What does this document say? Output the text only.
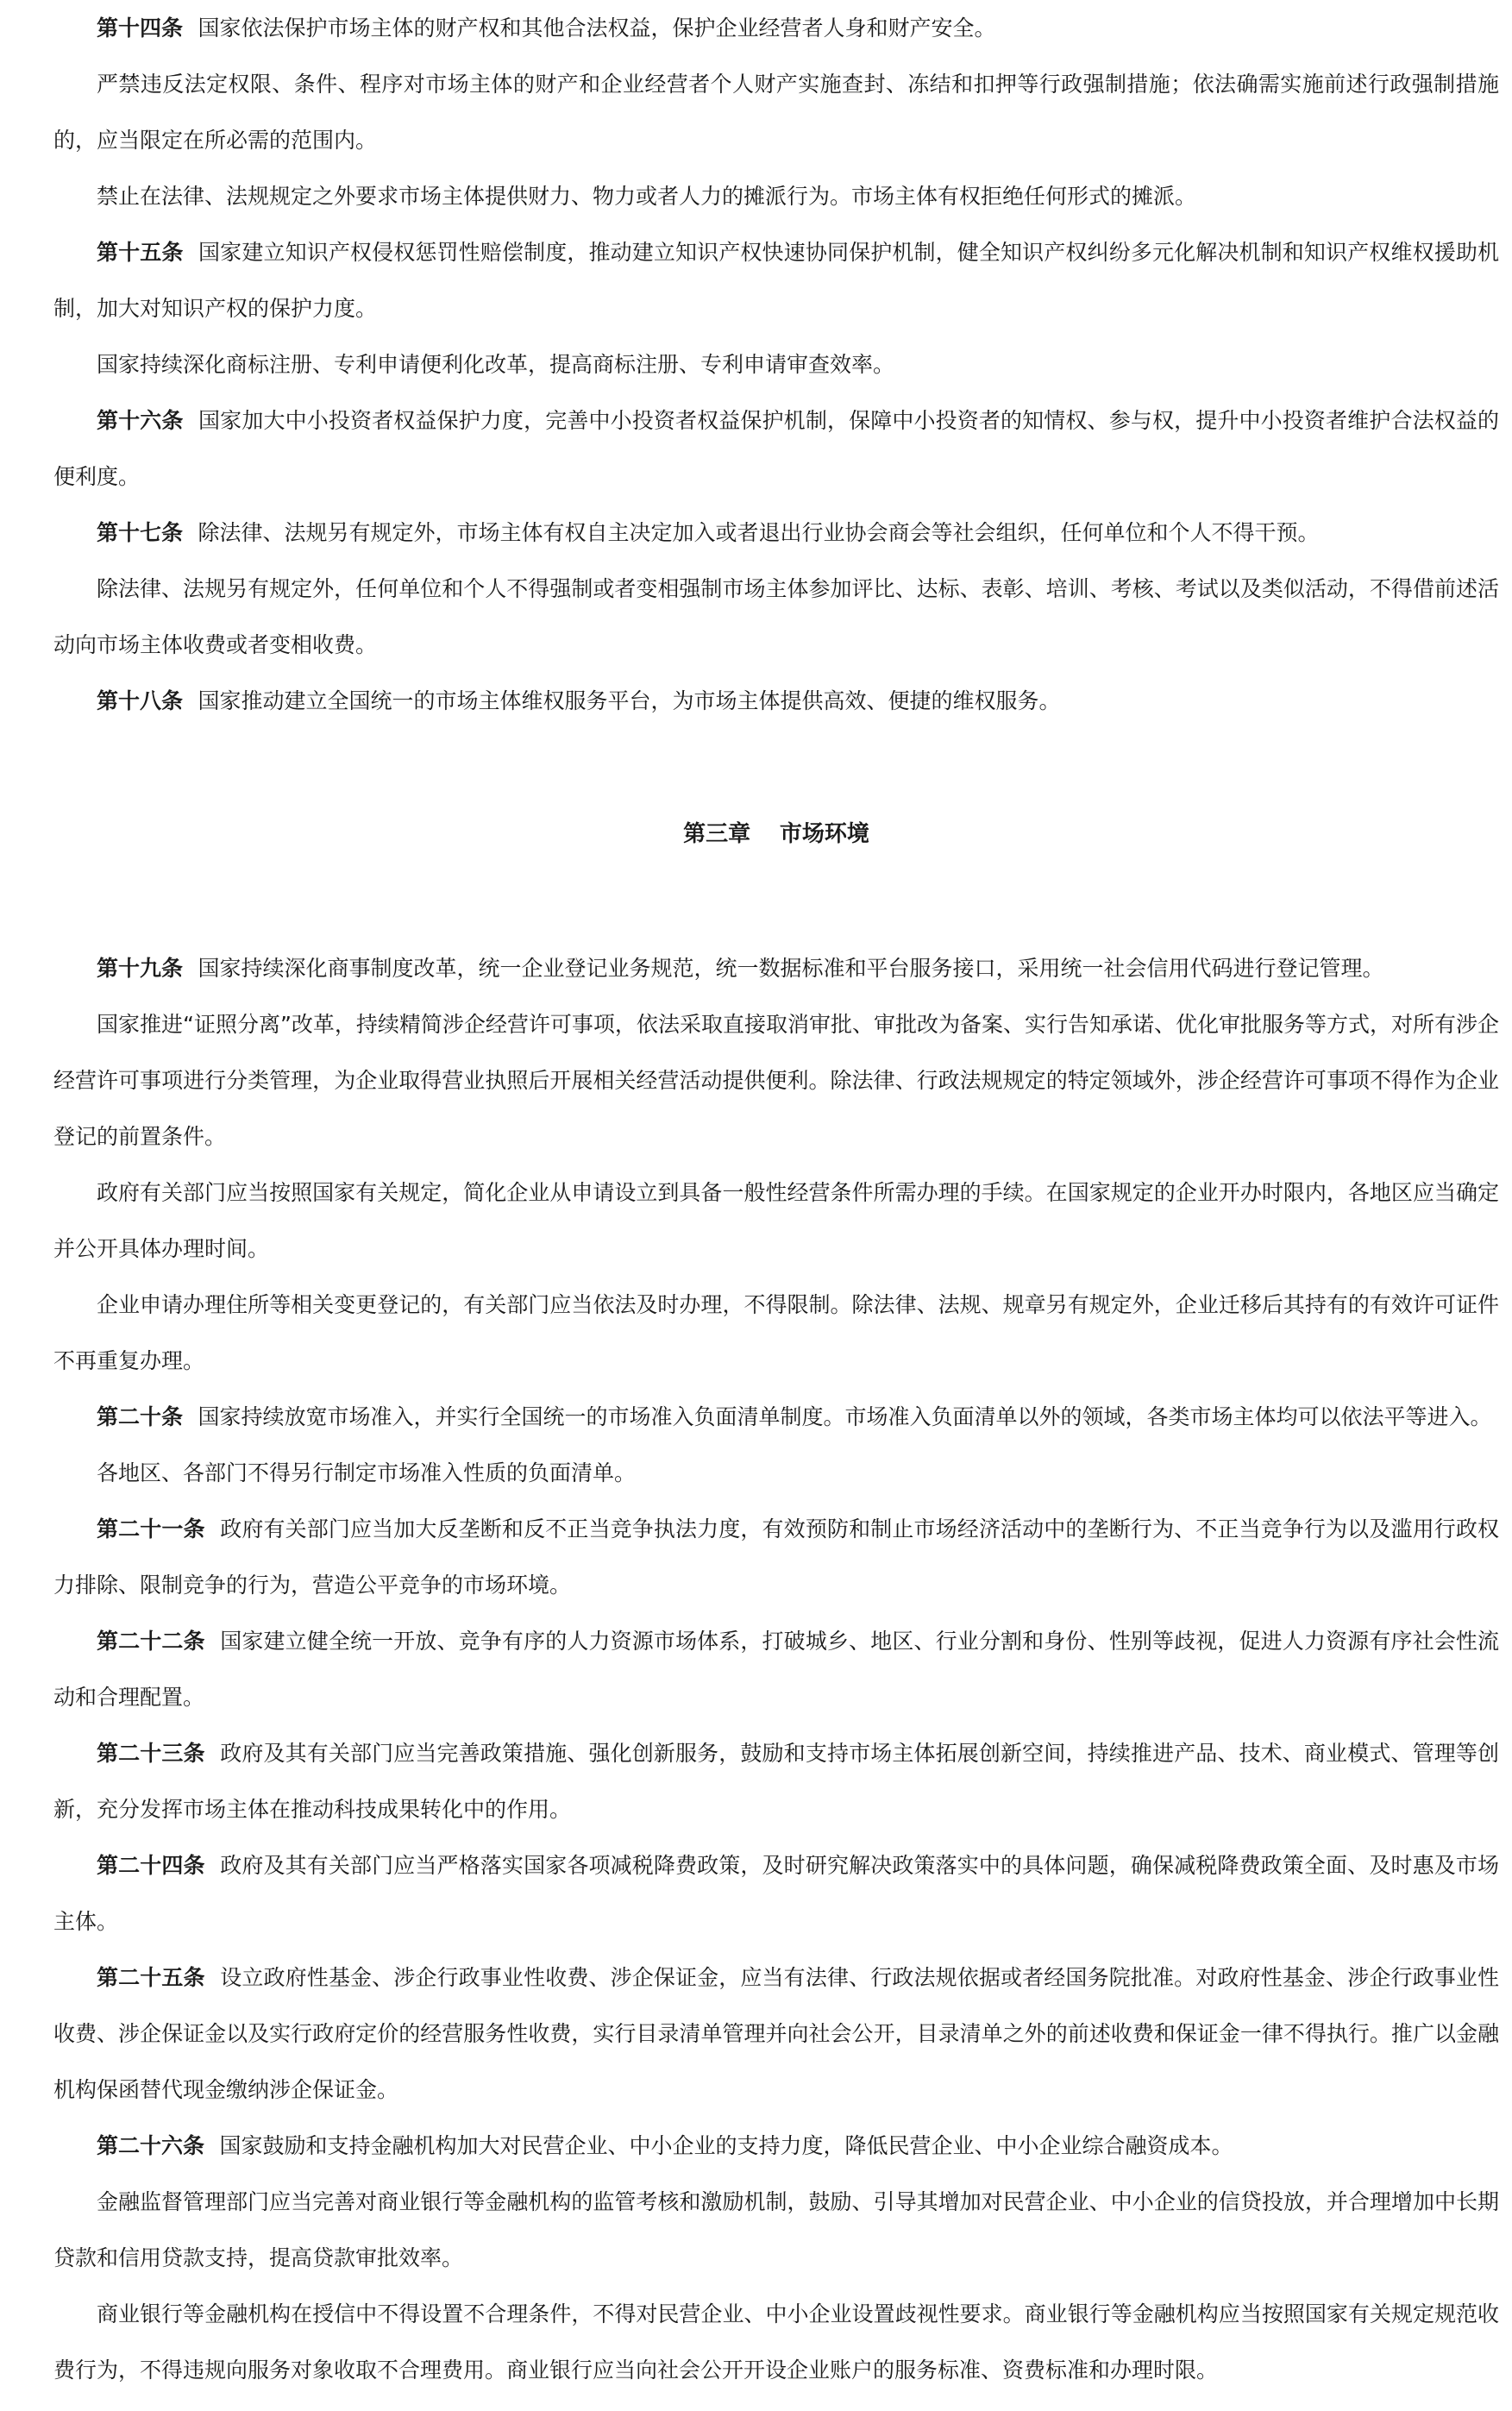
第十四条 国家依法保护市场主体的财产权和其他合法权益，保护企业经营者人身和财产安全。

严禁违反法定权限、条件、程序对市场主体的财产和企业经营者个人财产实施查封、冻结和扣押等行政强制措施；依法确需实施前述行政强制措施的，应当限定在所必需的范围内。

禁止在法律、法规规定之外要求市场主体提供财力、物力或者人力的摊派行为。市场主体有权拒绝任何形式的摊派。

第十五条 国家建立知识产权侵权惩罚性赔偿制度，推动建立知识产权快速协同保护机制，健全知识产权纠纷多元化解决机制和知识产权维权援助机制，加大对知识产权的保护力度。

国家持续深化商标注册、专利申请便利化改革，提高商标注册、专利申请审查效率。

第十六条 国家加大中小投资者权益保护力度，完善中小投资者权益保护机制，保障中小投资者的知情权、参与权，提升中小投资者维护合法权益的便利度。

第十七条 除法律、法规另有规定外，市场主体有权自主决定加入或者退出行业协会商会等社会组织，任何单位和个人不得干预。

除法律、法规另有规定外，任何单位和个人不得强制或者变相强制市场主体参加评比、达标、表彰、培训、考核、考试以及类似活动，不得借前述活动向市场主体收费或者变相收费。

第十八条 国家推动建立全国统一的市场主体维权服务平台，为市场主体提供高效、便捷的维权服务。

第三章 市场环境

第十九条 国家持续深化商事制度改革，统一企业登记业务规范，统一数据标准和平台服务接口，采用统一社会信用代码进行登记管理。

国家推进“证照分离”改革，持续精简涉企经营许可事项，依法采取直接取消审批、审批改为备案、实行告知承诺、优化审批服务等方式，对所有涉企经营许可事项进行分类管理，为企业取得营业执照后开展相关经营活动提供便利。除法律、行政法规规定的特定领域外，涉企经营许可事项不得作为企业登记的前置条件。

政府有关部门应当按照国家有关规定，简化企业从申请设立到具备一般性经营条件所需办理的手续。在国家规定的企业开办时限内，各地区应当确定并公开具体办理时间。

企业申请办理住所等相关变更登记的，有关部门应当依法及时办理，不得限制。除法律、法规、规章另有规定外，企业迁移后其持有的有效许可证件不再重复办理。

第二十条 国家持续放宽市场准入，并实行全国统一的市场准入负面清单制度。市场准入负面清单以外的领域，各类市场主体均可以依法平等进入。

各地区、各部门不得另行制定市场准入性质的负面清单。

第二十一条 政府有关部门应当加大反垄断和反不正当竞争执法力度，有效预防和制止市场经济活动中的垄断行为、不正当竞争行为以及滥用行政权力排除、限制竞争的行为，营造公平竞争的市场环境。

第二十二条 国家建立健全统一开放、竞争有序的人力资源市场体系，打破城乡、地区、行业分割和身份、性别等歧视，促进人力资源有序社会性流动和合理配置。

第二十三条 政府及其有关部门应当完善政策措施、强化创新服务，鼓励和支持市场主体拓展创新空间，持续推进产品、技术、商业模式、管理等创新，充分发挥市场主体在推动科技成果转化中的作用。

第二十四条 政府及其有关部门应当严格落实国家各项减税降费政策，及时研究解决政策落实中的具体问题，确保减税降费政策全面、及时惠及市场主体。

第二十五条 设立政府性基金、涉企行政事业性收费、涉企保证金，应当有法律、行政法规依据或者经国务院批准。对政府性基金、涉企行政事业性收费、涉企保证金以及实行政府定价的经营服务性收费，实行目录清单管理并向社会公开，目录清单之外的前述收费和保证金一律不得执行。推广以金融机构保函替代现金缴纳涉企保证金。

第二十六条 国家鼓励和支持金融机构加大对民营企业、中小企业的支持力度，降低民营企业、中小企业综合融资成本。

金融监督管理部门应当完善对商业银行等金融机构的监管考核和激励机制，鼓励、引导其增加对民营企业、中小企业的信贷投放，并合理增加中长期贷款和信用贷款支持，提高贷款审批效率。

商业银行等金融机构在授信中不得设置不合理条件，不得对民营企业、中小企业设置歧视性要求。商业银行等金融机构应当按照国家有关规定规范收费行为，不得违规向服务对象收取不合理费用。商业银行应当向社会公开开设企业账户的服务标准、资费标准和办理时限。
